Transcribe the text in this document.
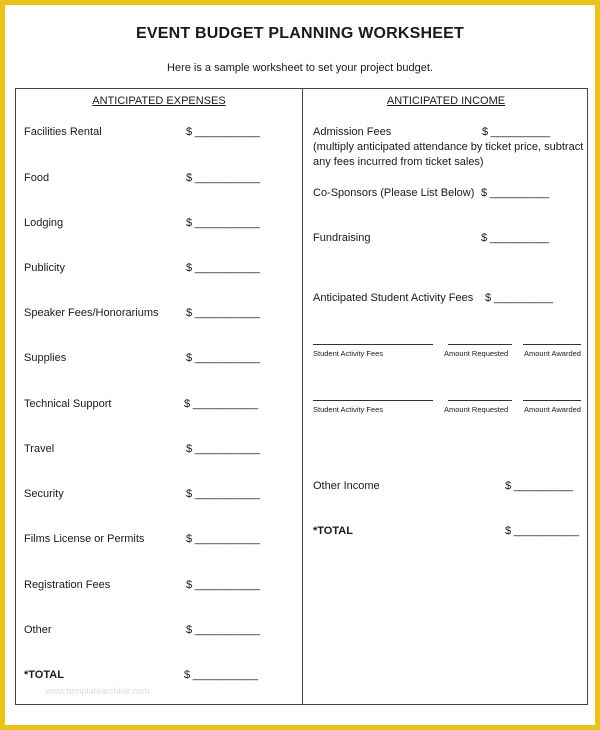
EVENT BUDGET PLANNING WORKSHEET
Here is a sample worksheet to set your project budget.
ANTICIPATED EXPENSES
Facilities Rental	$ ___________
Food	$ ___________
Lodging	$ ___________
Publicity	$ ___________
Speaker Fees/Honorariums $ ___________
Supplies	$ ___________
Technical Support	$ ___________
Travel	$ ___________
Security	$ ___________
Films License or Permits	$ ___________
Registration Fees	$ ___________
Other	$ ___________
*TOTAL	$ ___________
ANTICIPATED INCOME
Admission Fees	$ __________
(multiply anticipated attendance by ticket price, subtract any fees incurred from ticket sales)
Co-Sponsors (Please List Below) $ __________
Fundraising	$ __________
Anticipated Student Activity Fees $ __________
Student Activity Fees	Amount Requested Amount Awarded
Student Activity Fees	Amount Requested Amount Awarded
Other Income	$ __________
*TOTAL	$ ___________
www.templatearchive.com
